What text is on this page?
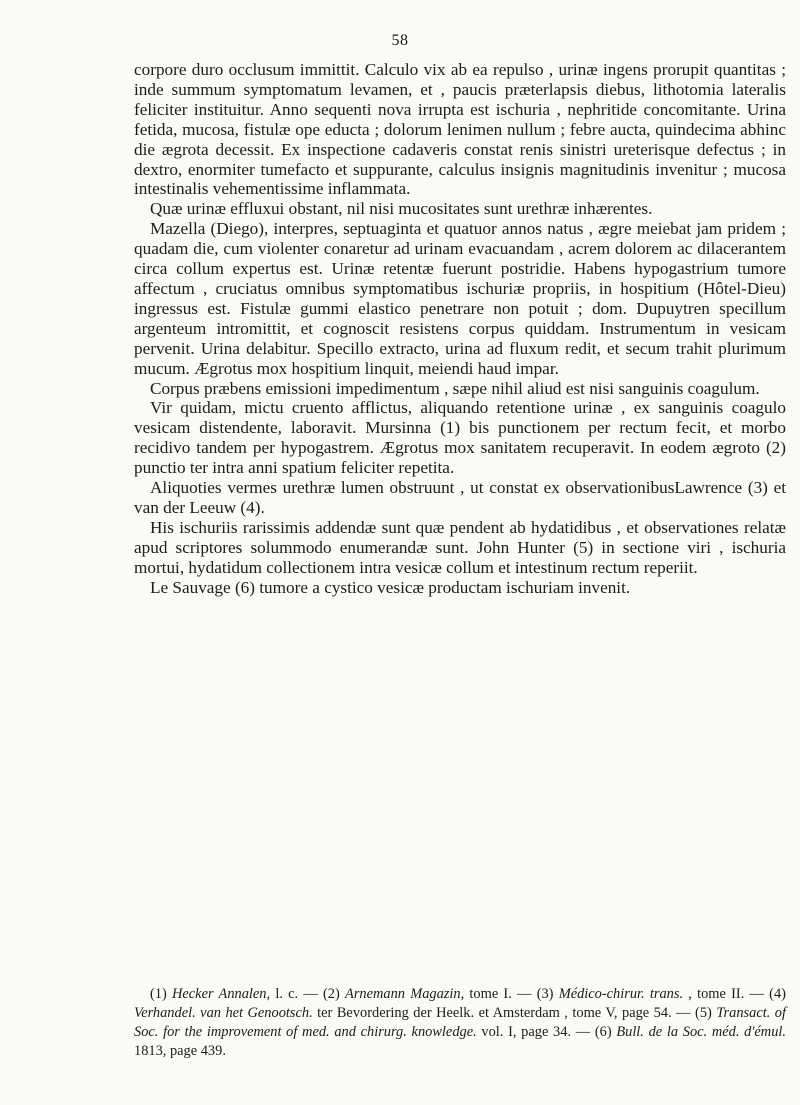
58

corpore duro occlusum immittit. Calculo vix ab ea repulso , urinæ ingens prorupit quantitas ; inde summum symptomatum levamen, et , paucis præterlapsis diebus, lithotomia lateralis feliciter instituitur. Anno sequenti nova irrupta est ischuria , nephritide concomitante. Urina fetida, mucosa, fistulæ ope educta ; dolorum lenimen nullum ; febre aucta, quindecima abhinc die ægrota decessit. Ex inspectione cadaveris constat renis sinistri ureterisque defectus ; in dextro, enormiter tumefacto et suppurante, calculus insignis magnitudinis invenitur ; mucosa intestinalis vehementissime inflammata.

Quæ urinæ effluxui obstant, nil nisi mucositates sunt urethræ inhærentes.

Mazella (Diego), interpres, septuaginta et quatuor annos natus , ægre meiebat jam pridem ; quadam die, cum violenter conaretur ad urinam evacuandam , acrem dolorem ac dilacerantem circa collum expertus est. Urinæ retentæ fuerunt postridie. Habens hypogastrium tumore affectum , cruciatus omnibus symptomatibus ischuriæ propriis, in hospitium (Hôtel-Dieu) ingressus est. Fistulæ gummi elastico penetrare non potuit ; dom. Dupuytren specillum argenteum intromittit, et cognoscit resistens corpus quiddam. Instrumentum in vesicam pervenit. Urina delabitur. Specillo extracto, urina ad fluxum redit, et secum trahit plurimum mucum. Ægrotus mox hospitium linquit, meiendi haud impar.

Corpus præbens emissioni impedimentum , sæpe nihil aliud est nisi sanguinis coagulum.

Vir quidam, mictu cruento afflictus, aliquando retentione urinæ , ex sanguinis coagulo vesicam distendente, laboravit. Mursinna (1) bis punctionem per rectum fecit, et morbo recidivo tandem per hypogastrem. Ægrotus mox sanitatem recuperavit. In eodem ægroto (2) punctio ter intra anni spatium feliciter repetita.

Aliquoties vermes urethræ lumen obstruunt , ut constat ex observationibusLawrence (3) et van der Leeuw (4).

His ischuriis rarissimis addendæ sunt quæ pendent ab hydatidibus , et observationes relatæ apud scriptores solummodo enumerandæ sunt. John Hunter (5) in sectione viri , ischuria mortui, hydatidum collectionem intra vesicæ collum et intestinum rectum reperiit.

Le Sauvage (6) tumore a cystico vesicæ productam ischuriam invenit.

(1) Hecker Annalen, l. c. — (2) Arnemann Magazin, tome I. — (3) Médico-chirur. trans. , tome II. — (4) Verhandel. van het Genootsch. ter Bevordering der Heelk. et Amsterdam , tome V, page 54. — (5) Transact. of Soc. for the improvement of med. and chirurg. knowledge. vol. I, page 34. — (6) Bull. de la Soc. méd. d'émul. 1813, page 439.
